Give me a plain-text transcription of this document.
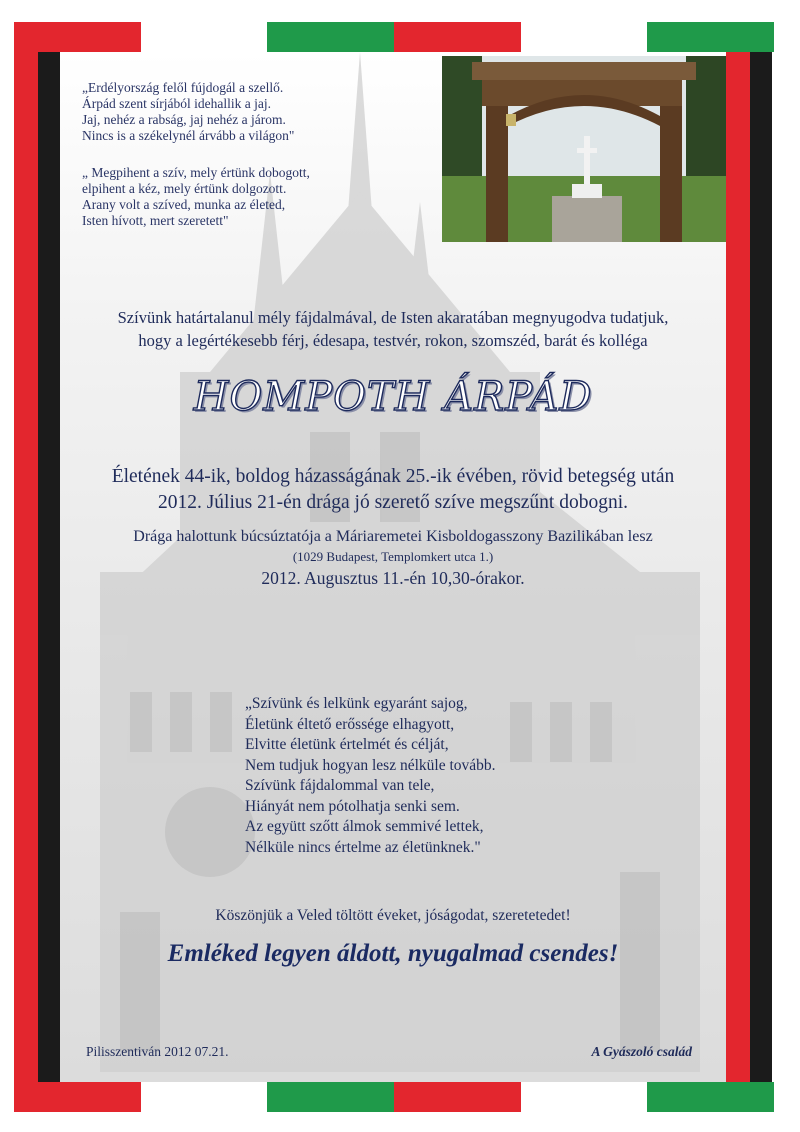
„Erdélyország felől fújdogál a szellő.
Árpád szent sírjából idehallik a jaj.
Jaj, nehéz a rabság, jaj nehéz a járom.
Nincs is a székelynél árvább a világon"

„ Megpihent a szív, mely értünk dobogott,
elpihent a kéz, mely értünk dolgozott.
Arany volt a szíved, munka az életed,
Isten hívott, mert szeretett"

Szívünk határtalanul mély fájdalmával, de Isten akaratában megnyugodva tudatjuk,
hogy a legértékesebb férj, édesapa, testvér, rokon, szomszéd, barát és kolléga
HOMPOTH ÁRPÁD
Életének 44-ik, boldog házasságának 25.-ik évében, rövid betegség után
2012. Július 21-én drága jó szerető szíve megszűnt dobogni.
Drága halottunk búcsúztatója a Máriaremetei Kisboldogasszony Bazilikában lesz
(1029 Budapest, Templomkert utca 1.)
2012. Augusztus 11.-én 10,30-órakor.
„Szívünk és lelkünk egyaránt sajog,
Életünk éltető erőssége elhagyott,
Elvitte életünk értelmét és célját,
Nem tudjuk hogyan lesz nélküle tovább.
Szívünk fájdalommal van tele,
Hiányát nem pótolhatja senki sem.
Az együtt szőtt álmok semmivé lettek,
Nélküle nincs értelme az életünknek."
Köszönjük a Veled töltött éveket, jóságodat, szeretetedet!
Emléked legyen áldott, nyugalmad csendes!
Pilisszentiván 2012 07.21.	A Gyászoló család
